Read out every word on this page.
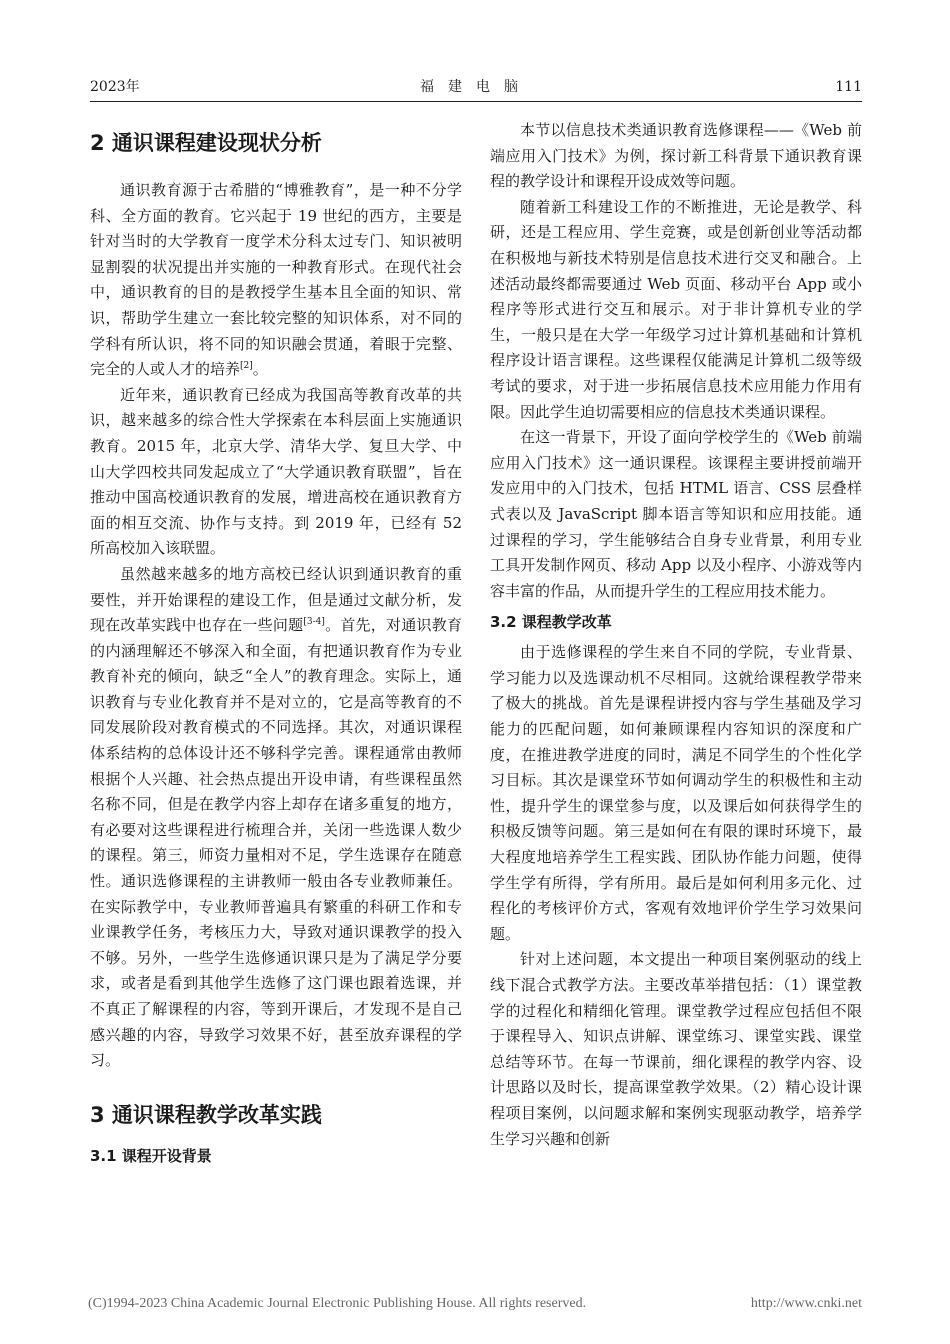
2023年	福建电脑	111
2 通识课程建设现状分析

通识教育源于古希腊的“博雅教育”，是一种不分学科、全方面的教育。它兴起于 19 世纪的西方，主要是针对当时的大学教育一度学术分科太过专门、知识被明显割裂的状况提出并实施的一种教育形式。在现代社会中，通识教育的目的是教授学生基本且全面的知识、常识，帮助学生建立一套比较完整的知识体系，对不同的学科有所认识，将不同的知识融会贯通，着眼于完整、完全的人或人才的培养[2]。

近年来，通识教育已经成为我国高等教育改革的共识，越来越多的综合性大学探索在本科层面上实施通识教育。2015 年，北京大学、清华大学、复旦大学、中山大学四校共同发起成立了“大学通识教育联盟”，旨在推动中国高校通识教育的发展，增进高校在通识教育方面的相互交流、协作与支持。到 2019 年，已经有 52 所高校加入该联盟。

虽然越来越多的地方高校已经认识到通识教育的重要性，并开始课程的建设工作，但是通过文献分析，发现在改革实践中也存在一些问题[3-4]。首先，对通识教育的内涵理解还不够深入和全面，有把通识教育作为专业教育补充的倾向，缺乏“全人”的教育理念。实际上，通识教育与专业化教育并不是对立的，它是高等教育的不同发展阶段对教育模式的不同选择。其次，对通识课程体系结构的总体设计还不够科学完善。课程通常由教师根据个人兴趣、社会热点提出开设申请，有些课程虽然名称不同，但是在教学内容上却存在诸多重复的地方，有必要对这些课程进行梳理合并，关闭一些选课人数少的课程。第三，师资力量相对不足，学生选课存在随意性。通识选修课程的主讲教师一般由各专业教师兼任。在实际教学中，专业教师普遍具有繁重的科研工作和专业课教学任务，考核压力大，导致对通识课教学的投入不够。另外，一些学生选修通识课只是为了满足学分要求，或者是看到其他学生选修了这门课也跟着选课，并不真正了解课程的内容，等到开课后，才发现不是自己感兴趣的内容，导致学习效果不好，甚至放弃课程的学习。

3 通识课程教学改革实践
3.1 课程开设背景

本节以信息技术类通识教育选修课程——《Web 前端应用入门技术》为例，探讨新工科背景下通识教育课程的教学设计和课程开设成效等问题。

随着新工科建设工作的不断推进，无论是教学、科研，还是工程应用、学生竞赛，或是创新创业等活动都在积极地与新技术特别是信息技术进行交叉和融合。上述活动最终都需要通过 Web 页面、移动平台 App 或小程序等形式进行交互和展示。对于非计算机专业的学生，一般只是在大学一年级学习过计算机基础和计算机程序设计语言课程。这些课程仅能满足计算机二级等级考试的要求，对于进一步拓展信息技术应用能力作用有限。因此学生迫切需要相应的信息技术类通识课程。

在这一背景下，开设了面向学校学生的《Web 前端应用入门技术》这一通识课程。该课程主要讲授前端开发应用中的入门技术，包括 HTML 语言、CSS 层叠样式表以及 JavaScript 脚本语言等知识和应用技能。通过课程的学习，学生能够结合自身专业背景，利用专业工具开发制作网页、移动 App 以及小程序、小游戏等内容丰富的作品，从而提升学生的工程应用技术能力。

3.2 课程教学改革

由于选修课程的学生来自不同的学院，专业背景、学习能力以及选课动机不尽相同。这就给课程教学带来了极大的挑战。首先是课程讲授内容与学生基础及学习能力的匹配问题，如何兼顾课程内容知识的深度和广度，在推进教学进度的同时，满足不同学生的个性化学习目标。其次是课堂环节如何调动学生的积极性和主动性，提升学生的课堂参与度，以及课后如何获得学生的积极反馈等问题。第三是如何在有限的课时环境下，最大程度地培养学生工程实践、团队协作能力问题，使得学生学有所得，学有所用。最后是如何利用多元化、过程化的考核评价方式，客观有效地评价学生学习效果问题。

针对上述问题，本文提出一种项目案例驱动的线上线下混合式教学方法。主要改革举措包括：（1）课堂教学的过程化和精细化管理。课堂教学过程应包括但不限于课程导入、知识点讲解、课堂练习、课堂实践、课堂总结等环节。在每一节课前，细化课程的教学内容、设计思路以及时长，提高课堂教学效果。（2）精心设计课程项目案例，以问题求解和案例实现驱动教学，培养学生学习兴趣和创新

(C)1994-2023 China Academic Journal Electronic Publishing House. All rights reserved.	http://www.cnki.net
